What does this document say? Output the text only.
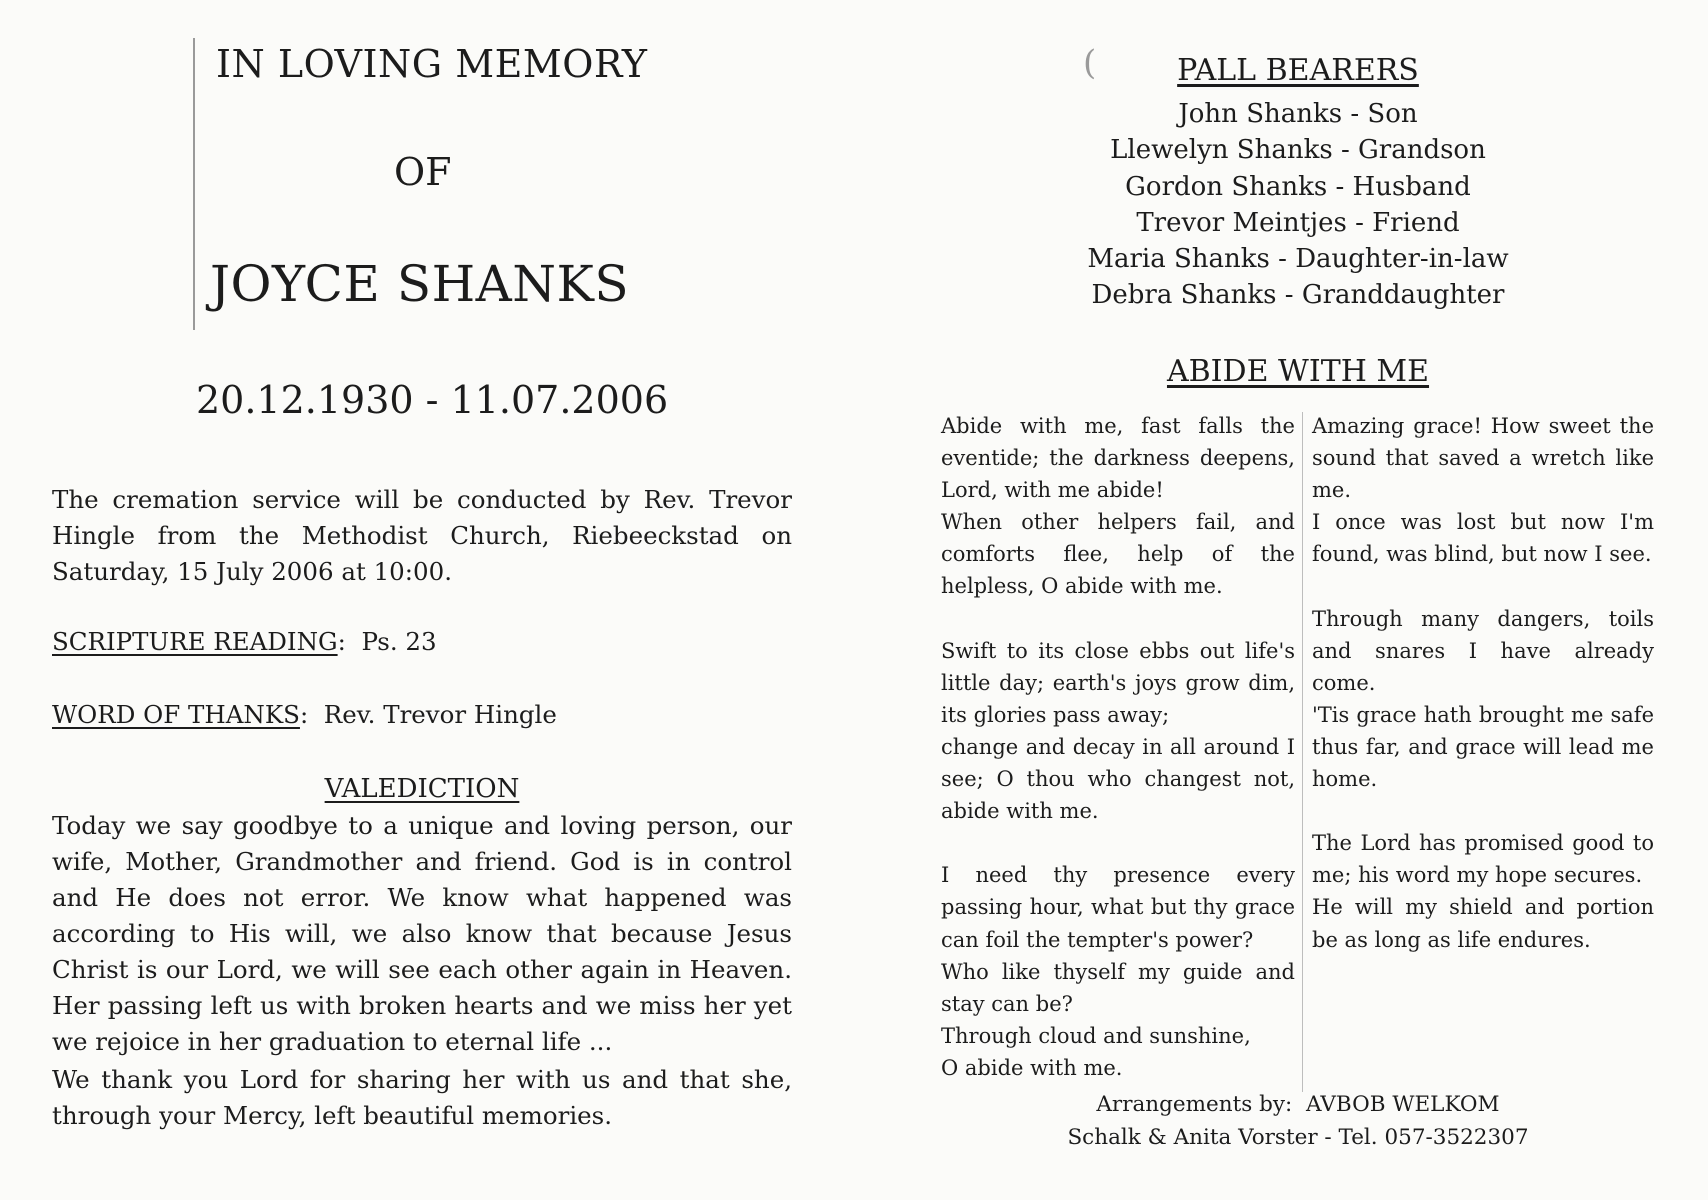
IN LOVING MEMORY
OF
JOYCE SHANKS
20.12.1930 - 11.07.2006
The cremation service will be conducted by Rev. Trevor Hingle from the Methodist Church, Riebeeckstad on Saturday, 15 July 2006 at 10:00.
SCRIPTURE READING:  Ps. 23
WORD OF THANKS:  Rev. Trevor Hingle
VALEDICTION
Today we say goodbye to a unique and loving person, our wife, Mother, Grandmother and friend. God is in control and He does not error. We know what happened was according to His will, we also know that because Jesus Christ is our Lord, we will see each other again in Heaven. Her passing left us with broken hearts and we miss her yet we rejoice in her graduation to eternal life ...
We thank you Lord for sharing her with us and that she, through your Mercy, left beautiful memories.
(	PALL BEARERS
John Shanks - Son
Llewelyn Shanks - Grandson
Gordon Shanks - Husband
Trevor Meintjes - Friend
Maria Shanks - Daughter-in-law
Debra Shanks - Granddaughter
ABIDE WITH ME

Abide with me, fast falls the eventide; the darkness deepens, Lord, with me abide!

When other helpers fail, and comforts flee, help of the helpless, O abide with me.

Swift to its close ebbs out life's little day; earth's joys grow dim, its glories pass away;

change and decay in all around I see; O thou who changest not, abide with me.

I need thy presence every passing hour, what but thy grace can foil the tempter's power?

Who like thyself my guide and stay can be?

Through cloud and sunshine,

O abide with me.

Amazing grace! How sweet the sound that saved a wretch like me.

I once was lost but now I'm found, was blind, but now I see.

Through many dangers, toils and snares I have already come.

'Tis grace hath brought me safe thus far, and grace will lead me home.

The Lord has promised good to me; his word my hope secures.

He will my shield and portion be as long as life endures.

Arrangements by: AVBOB WELKOM
Schalk & Anita Vorster - Tel. 057-3522307
